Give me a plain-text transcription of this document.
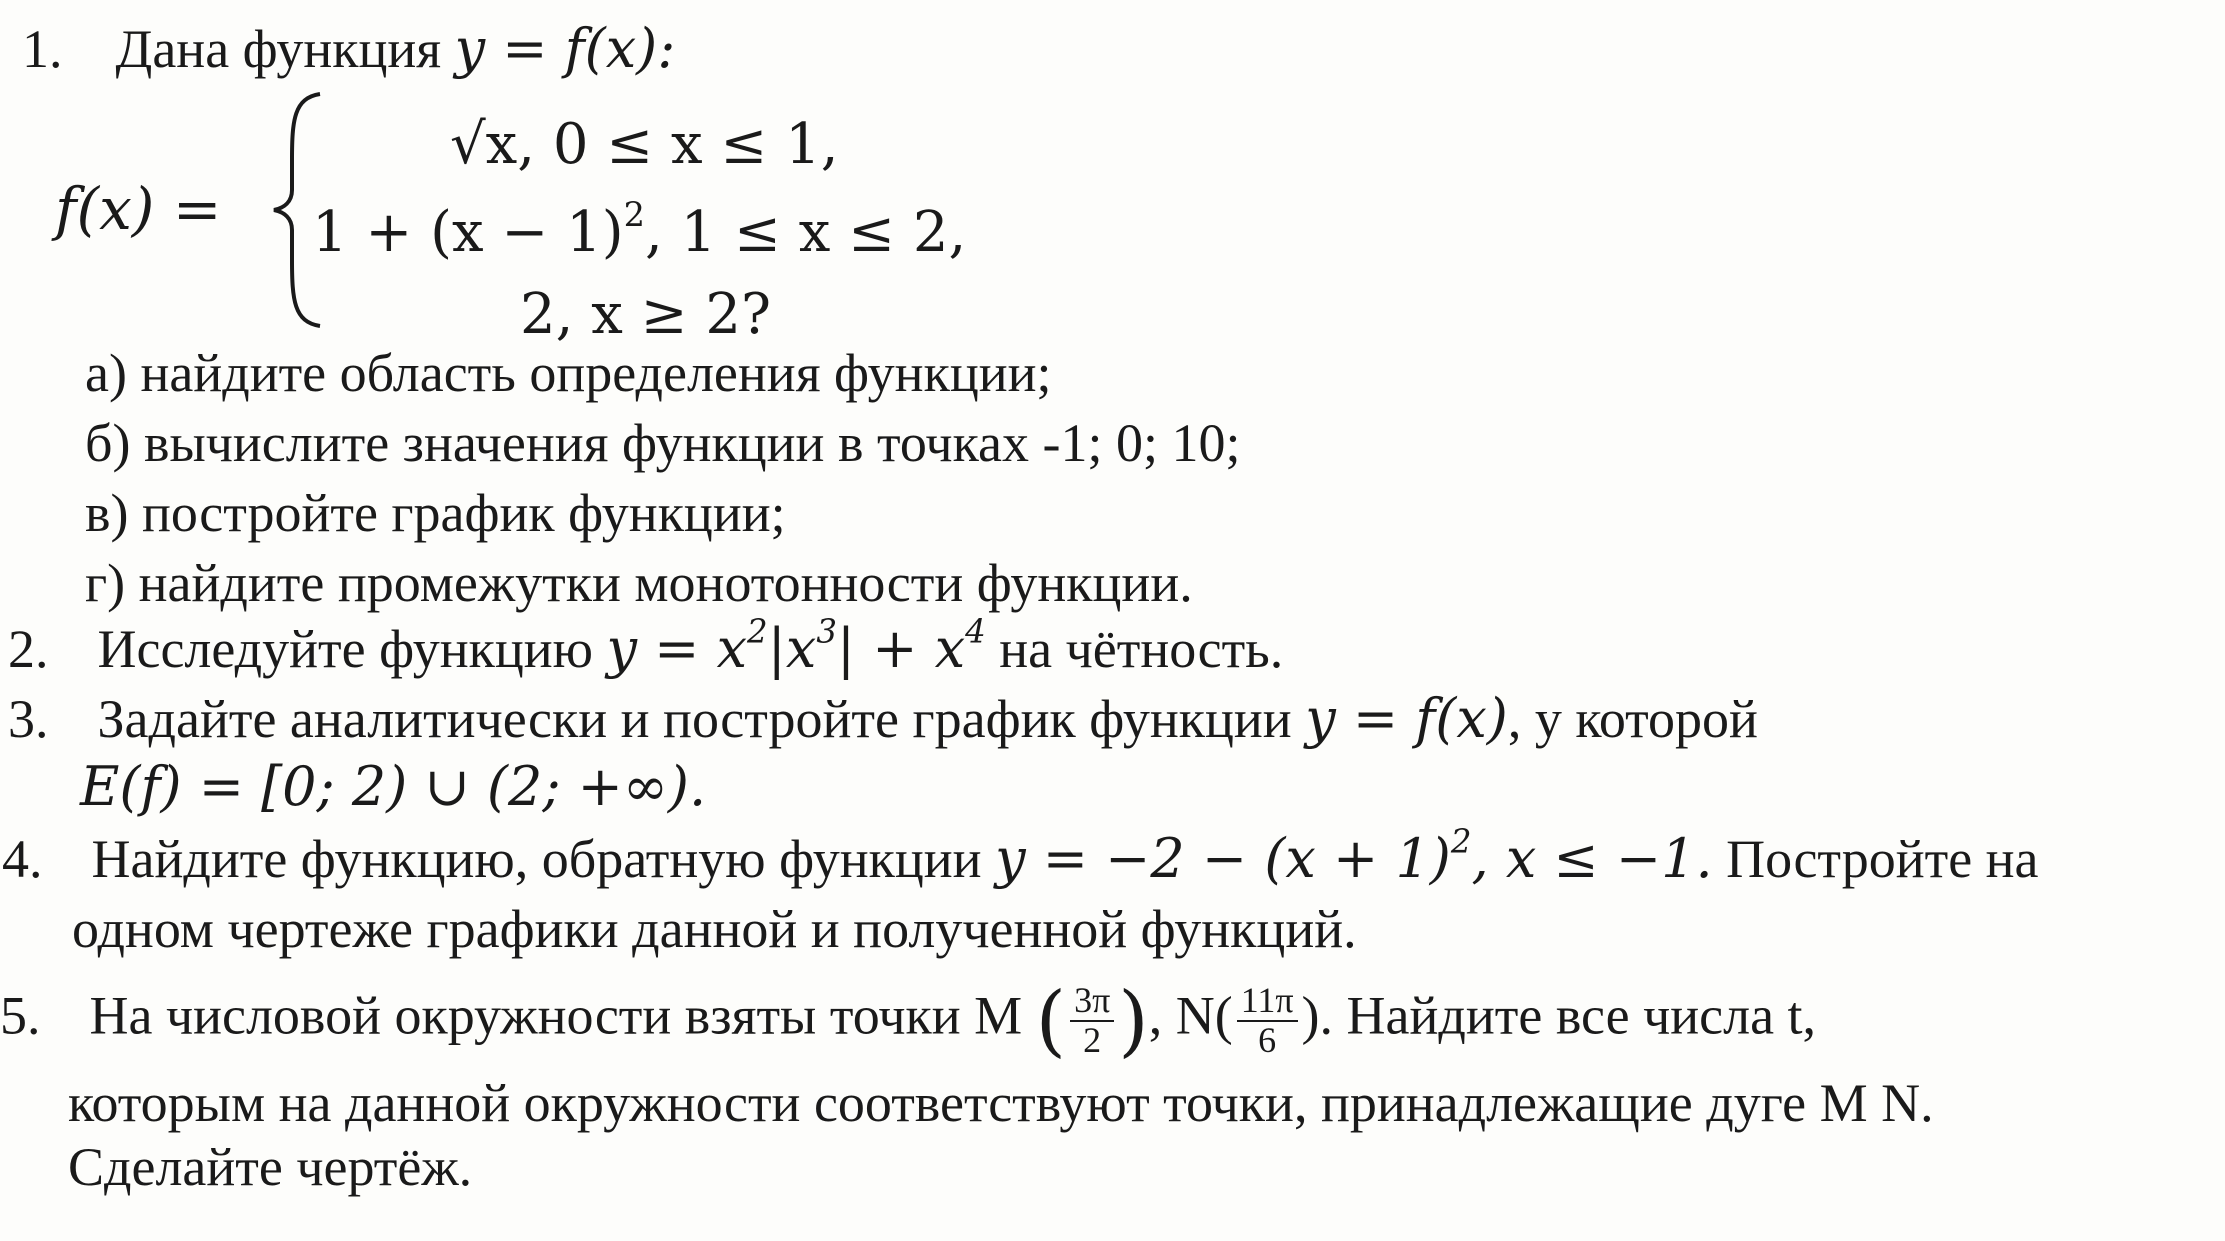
1. Дана функция y = f(x):
f(x) =
√x, 0 ≤ x ≤ 1,
$1 + (x - 1)^2$, 1 ≤ x ≤ 2,
2, x ≥ 2?
а) найдите область определения функции;
б) вычислите значения функции в точках -1; 0; 10;
в) постройте график функции;
г) найдите промежутки монотонности функции.
2. Исследуйте функцию $y = x^2|x^3| + x^4$ на чётность.
3. Задайте аналитически и постройте график функции y = f(x), у которой
E(f) = [0; 2) ∪ (2; +∞).
4. Найдите функцию, обратную функции $y = -2 - (x + 1)^2$, x ≤ −1. Постройте на
одном чертеже графики данной и полученной функций.
5. На числовой окружности взяты точки М ( $\frac{3\pi}{2}$ ), $N( \frac{11\pi}{6}$ ). Найдите все числа t,
которым на данной окружности соответствуют точки, принадлежащие дуге М N.
Сделайте чертёж.
